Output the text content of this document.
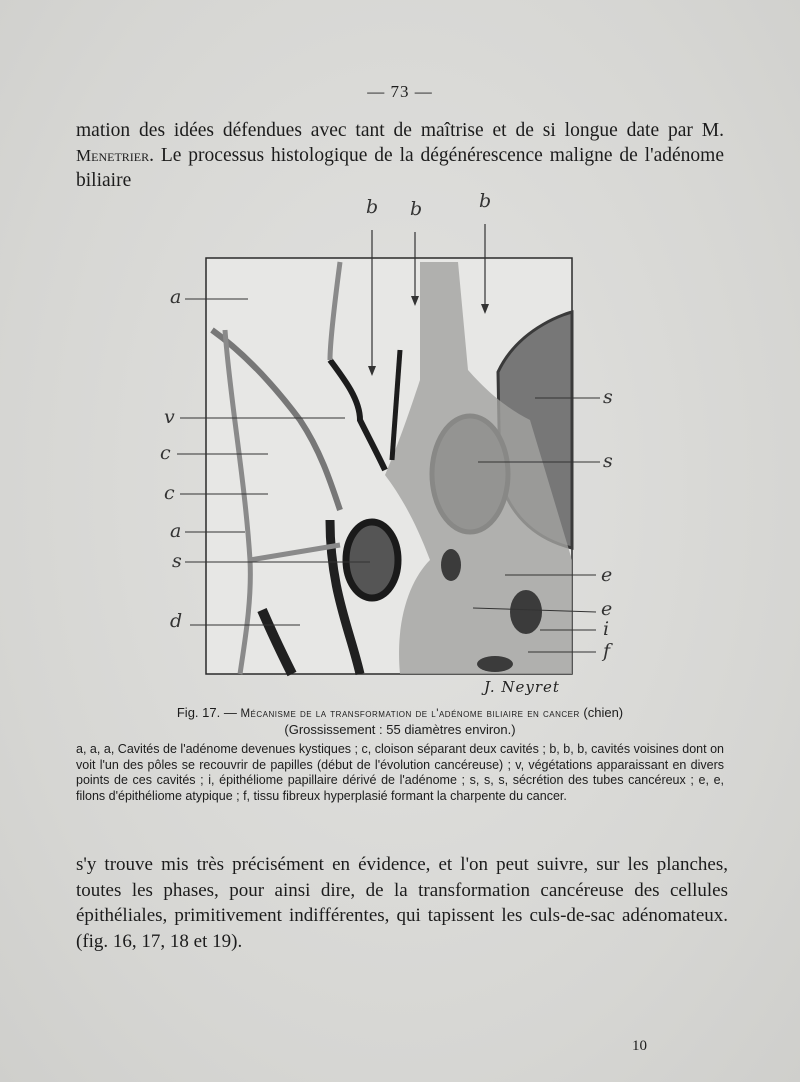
— 73 —
mation des idées défendues avec tant de maîtrise et de si longue date par M. Menetrier. Le processus histologique de la dégénérescence maligne de l'adénome biliaire
b b	b
a
v
c
c
a
s
d
s
s
e
e
i
f
J. Neyret
Fig. 17. — Mécanisme de la transformation de l'adénome biliaire en cancer (chien)
(Grossissement : 55 diamètres environ.)
a, a, a, Cavités de l'adénome devenues kystiques ; c, cloison séparant deux cavités ; b, b, b, cavités voisines dont on voit l'un des pôles se recouvrir de papilles (début de l'évolution cancéreuse) ; v, végétations apparaissant en divers points de ces cavités ; i, épithéliome papillaire dérivé de l'adénome ; s, s, s, sécrétion des tubes cancéreux ; e, e, filons d'épithéliome atypique ; f, tissu fibreux hyperplasié formant la charpente du cancer.
s'y trouve mis très précisément en évidence, et l'on peut suivre, sur les planches, toutes les phases, pour ainsi dire, de la transformation cancéreuse des cellules épithéliales, primitivement indifférentes, qui tapissent les culs-de-sac adénomateux. (fig. 16, 17, 18 et 19).
10
